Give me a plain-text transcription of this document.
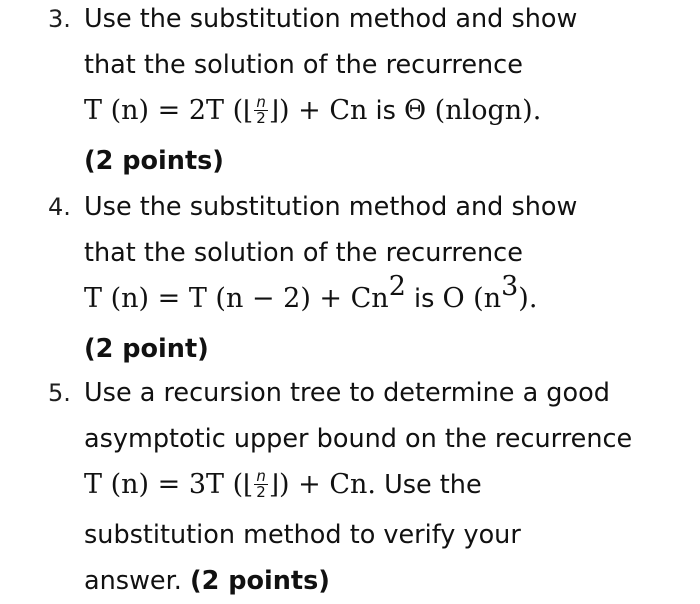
3. Use the substitution method and show
that the solution of the recurrence
T (n) = 2T (⌊ $\frac{n}{2}$ ⌋) + Cn is Θ (nlogn).
(2 points)
4. Use the substitution method and show
that the solution of the recurrence
T (n) = T $(n - 2) + Cn^2$ is O $(n^3)$.
(2 point)
5. Use a recursion tree to determine a good
asymptotic upper bound on the recurrence
T (n) = 3T (⌊ $\frac{n}{2}$ ⌋) + Cn. Use the
substitution method to verify your
answer. (2 points)
